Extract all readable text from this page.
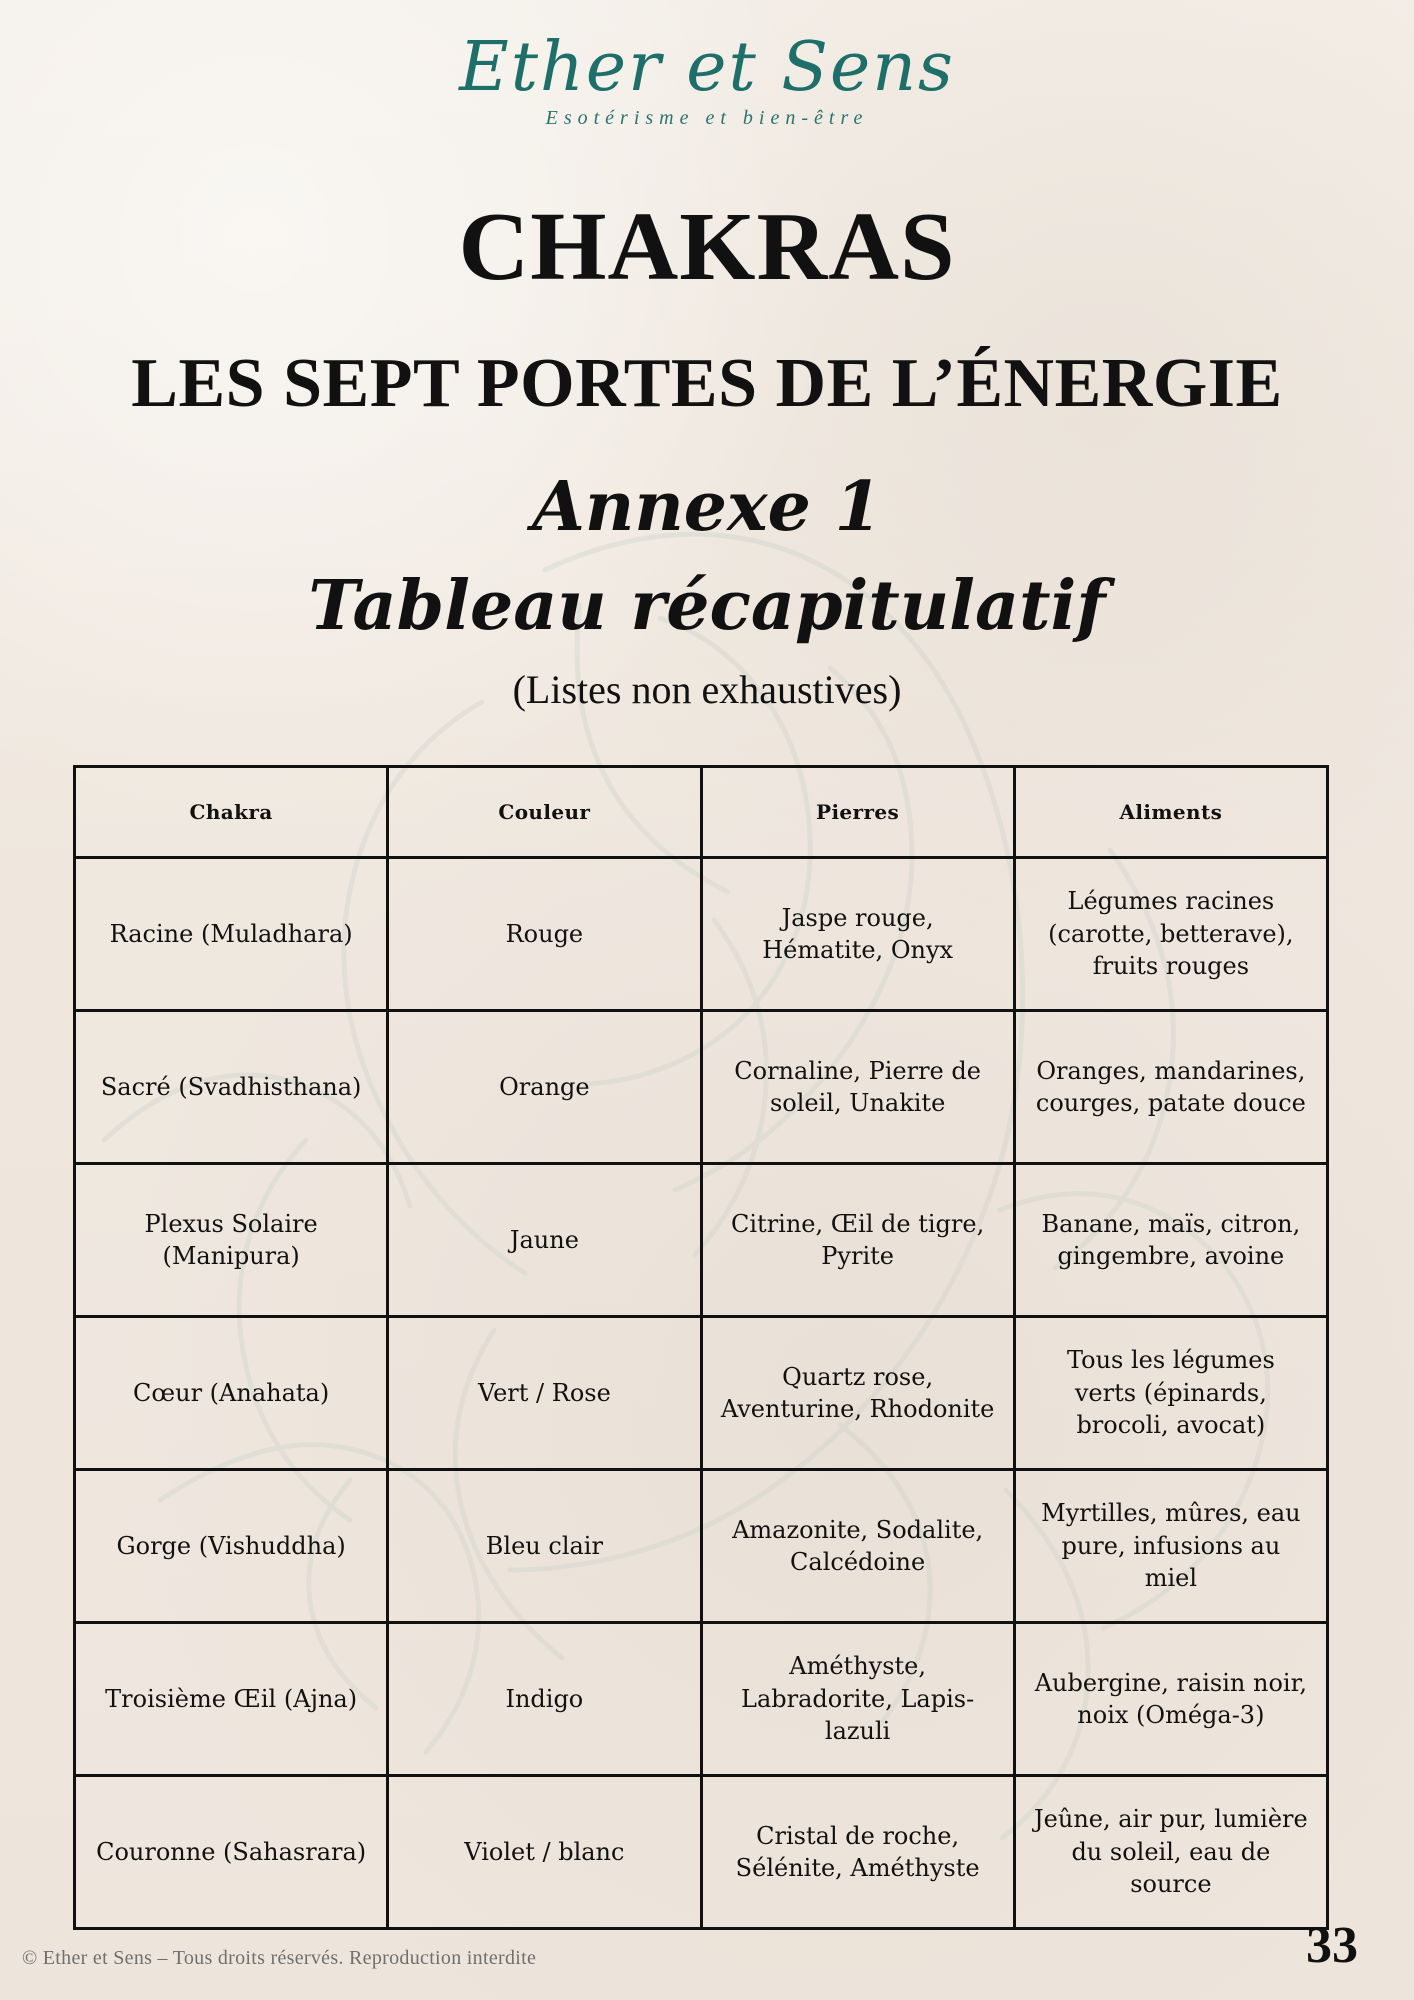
Ether et Sens
Esotérisme et bien-être
CHAKRAS
LES SEPT PORTES DE L’ÉNERGIE
Annexe 1
Tableau récapitulatif
(Listes non exhaustives)
Chakra	Couleur	Pierres	Aliments
Racine (Muladhara)	Rouge	Jaspe rouge, Hématite, Onyx	Légumes racines (carotte, betterave), fruits rouges
Sacré (Svadhisthana)	Orange	Cornaline, Pierre de soleil, Unakite	Oranges, mandarines, courges, patate douce
Plexus Solaire (Manipura)	Jaune	Citrine, Œil de tigre, Pyrite	Banane, maïs, citron, gingembre, avoine
Cœur (Anahata)	Vert / Rose	Quartz rose, Aventurine, Rhodonite	Tous les légumes verts (épinards, brocoli, avocat)
Gorge (Vishuddha)	Bleu clair	Amazonite, Sodalite, Calcédoine	Myrtilles, mûres, eau pure, infusions au miel
Troisième Œil (Ajna)	Indigo	Améthyste, Labradorite, Lapis-lazuli	Aubergine, raisin noir, noix (Oméga-3)
Couronne (Sahasrara)	Violet / blanc	Cristal de roche, Sélénite, Améthyste	Jeûne, air pur, lumière du soleil, eau de source
© Ether et Sens – Tous droits réservés. Reproduction interdite	33
